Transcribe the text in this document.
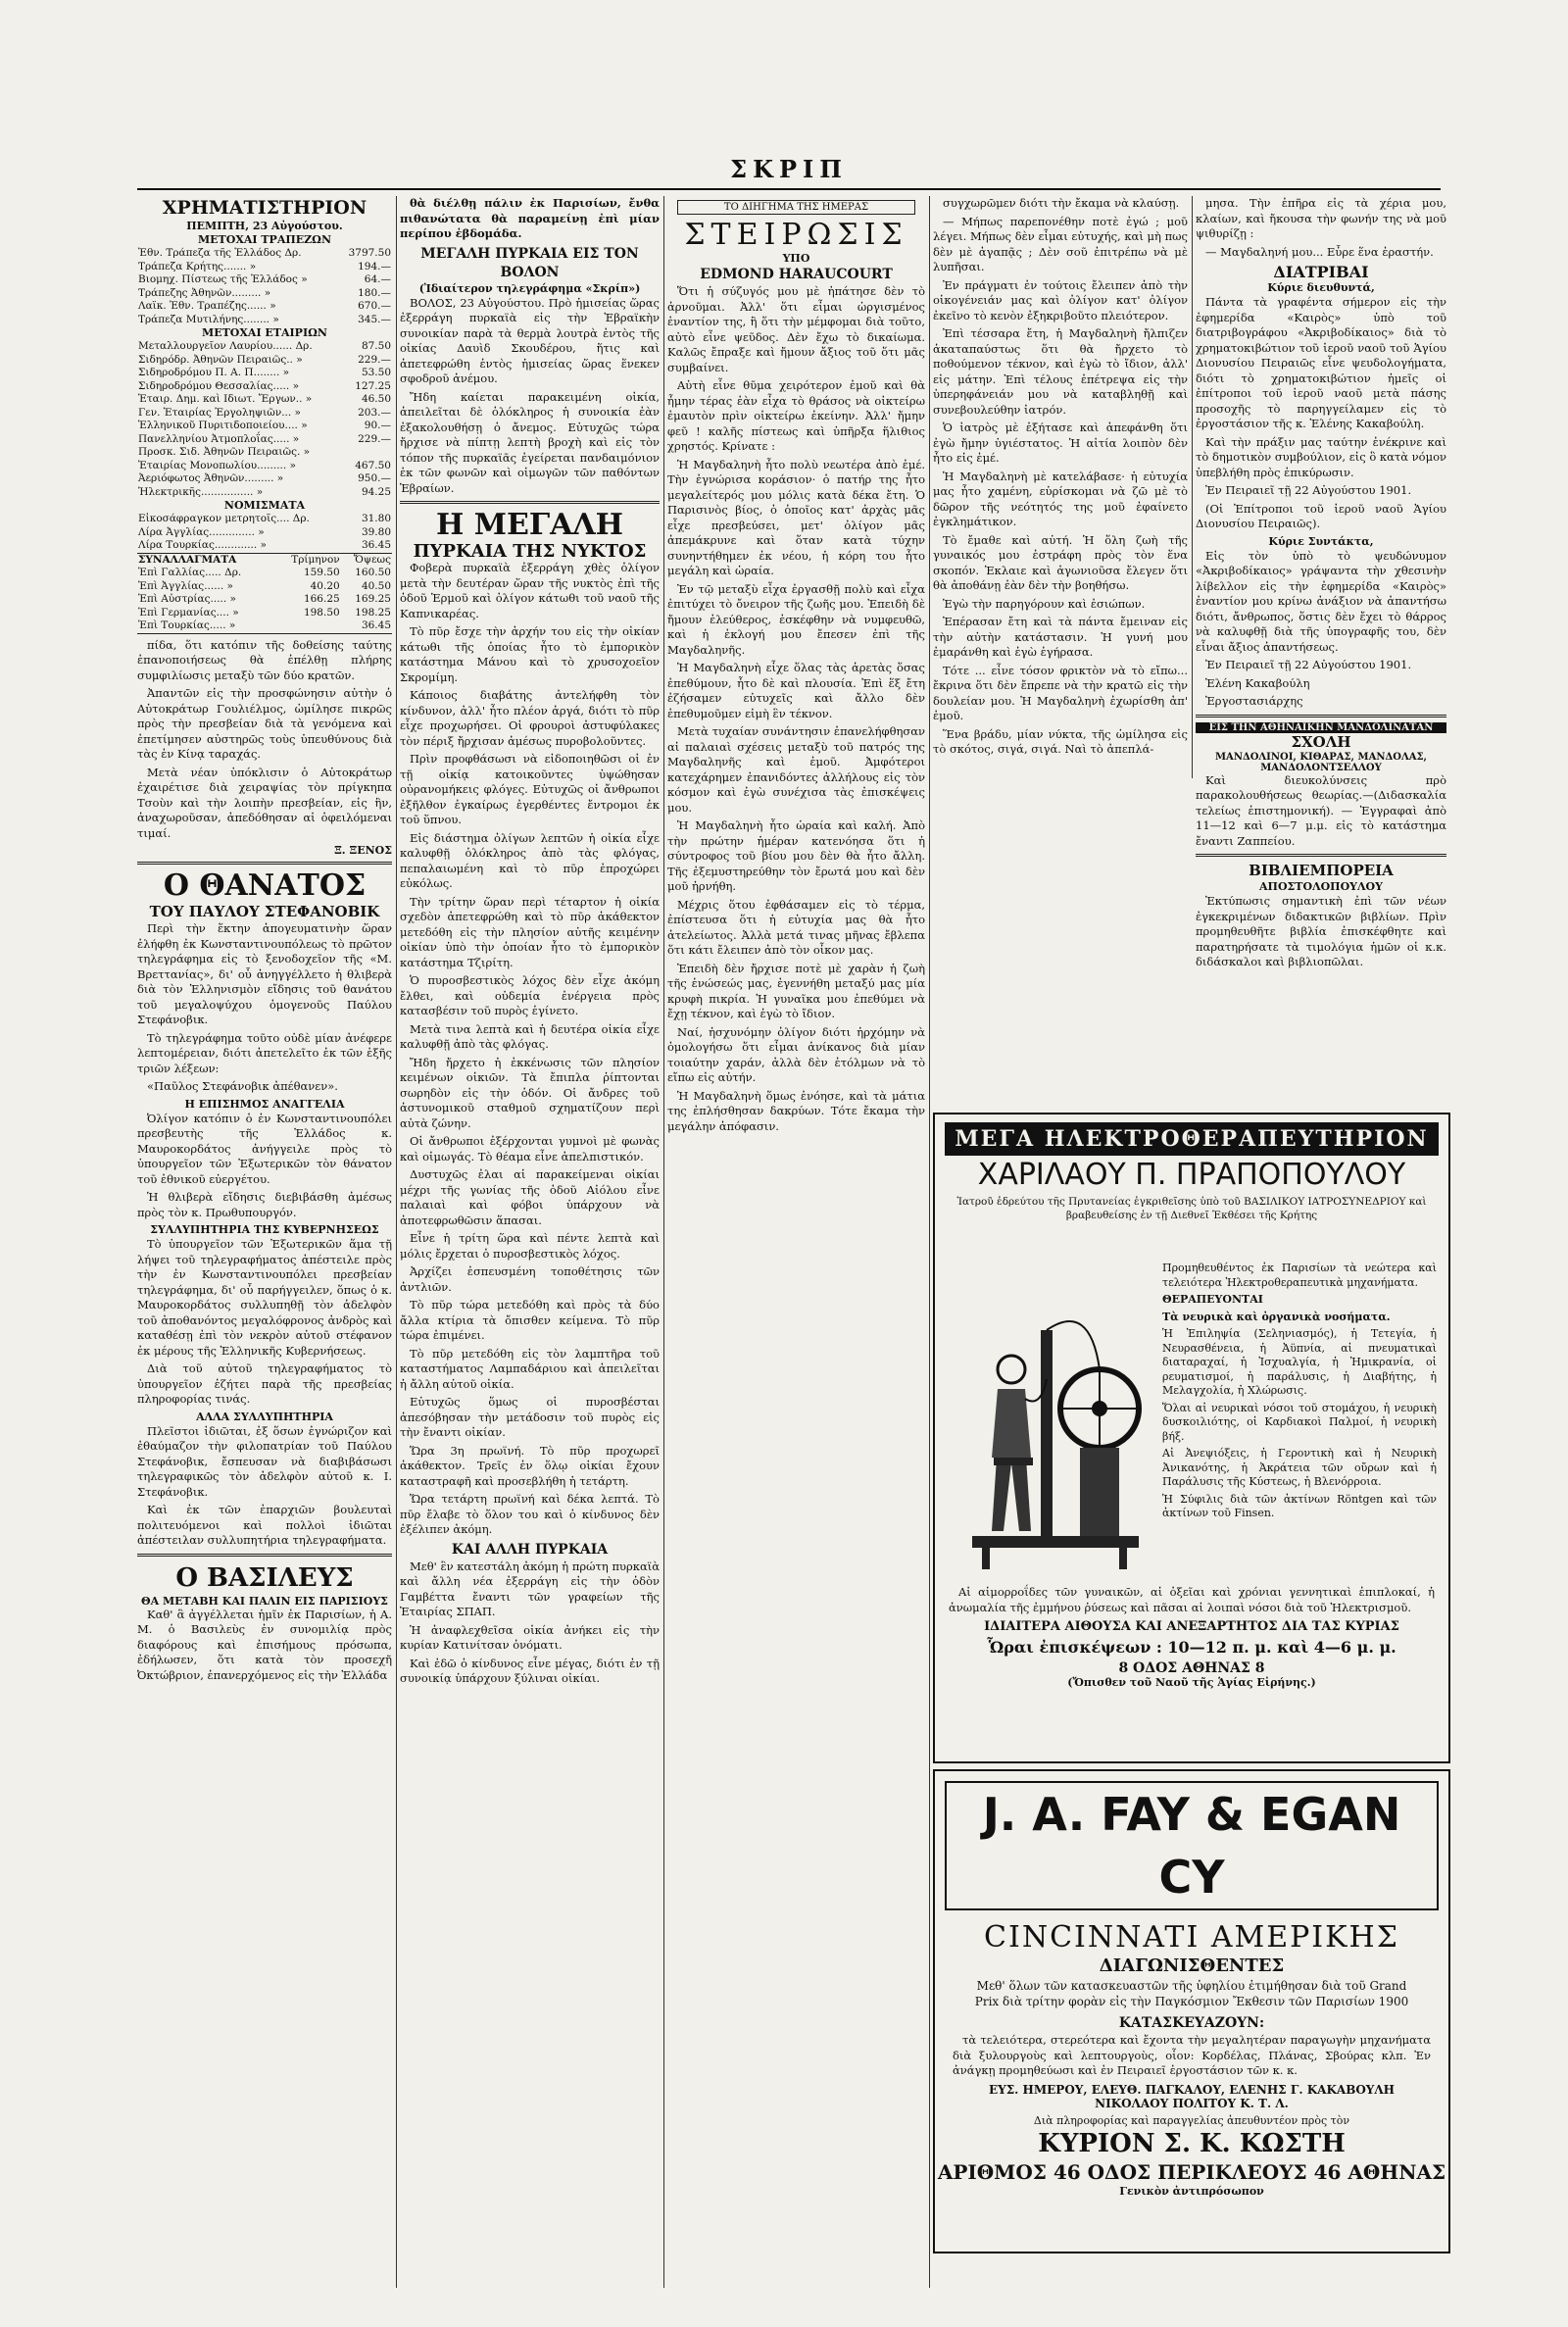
ΣΚΡΙΠ
ΧΡΗΜΑΤΙΣΤΗΡΙΟΝ
ΠΕΜΠΤΗ, 23 Αὐγούστου.
ΜΕΤΟΧΑΙ ΤΡΑΠΕΖΩΝ
Ἐθν. Τράπεζα τῆς Ἑλλάδος Δρ.	3797.50
Τράπεζα Κρήτης....... »	194.—
Βιομηχ. Πίστεως τῆς Ἑλλάδος »	64.—
Τράπεζης Ἀθηνῶν......... »	180.—
Λαϊκ. Ἐθν. Τραπέζης...... »	670.—
Τράπεζα Μυτιλήνης........ »	345.—
ΜΕΤΟΧΑΙ ΕΤΑΙΡΙΩΝ
Μεταλλουργεῖον Λαυρίου...... Δρ.	87.50
Σιδηρόδρ. Ἀθηνῶν Πειραιῶς.. »	229.—
Σιδηροδρόμου Π. Α. Π........ »	53.50
Σιδηροδρόμου Θεσσαλίας..... »	127.25
Ἑταιρ. Δημ. καὶ Ιδιωτ. Ἔργων.. »	46.50
Γεν. Ἑταιρίας Ἐργοληψιῶν... »	203.—
Ἑλληνικοῦ Πυριτιδοποιείου.... »	90.—
Πανελληνίου Ἀτμοπλοΐας..... »	229.—
Προσκ. Σιδ. Ἀθηνῶν Πειραιῶς. »	
Ἑταιρίας Μονοπωλίου......... »	467.50
Ἀεριόφωτος Ἀθηνῶν......... »	950.—
Ἠλεκτρικῆς................ »	94.25
ΝΟΜΙΣΜΑΤΑ
Εἰκοσάφραγκον μετρητοῖς.... Δρ.	31.80
Λίρα Ἀγγλίας.............. »	39.80
Λίρα Τουρκίας............. »	36.45
ΣΥΝΑΛΛΑΓΜΑΤΑ	Τρίμηνον	Ὄψεως
Ἐπὶ Γαλλίας..... Δρ.	159.50	160.50
Ἐπὶ Ἀγγλίας...... »	40.20	40.50
Ἐπὶ Αὐστρίας..... »	166.25	169.25
Ἐπὶ Γερμανίας.... »	198.50	198.25
Ἐπὶ Τουρκίας..... »		36.45

πίδα, ὅτι κατόπιν τῆς δοθείσης ταύτης ἐπανοποιήσεως θὰ ἐπέλθῃ πλήρης συμφιλίωσις μεταξὺ τῶν δύο κρατῶν.

Ἀπαντῶν εἰς τὴν προσφώνησιν αὐτὴν ὁ Αὐτοκράτωρ Γουλιέλμος, ὡμίλησε πικρῶς πρὸς τὴν πρεσβείαν διὰ τὰ γενόμενα καὶ ἐπετίμησεν αὐστηρῶς τοὺς ὑπευθύνους διὰ τὰς ἐν Κίνᾳ ταραχάς.

Μετὰ νέαν ὑπόκλισιν ὁ Αὐτοκράτωρ ἐχαιρέτισε διὰ χειραψίας τὸν πρίγκηπα Τσοὺν καὶ τὴν λοιπὴν πρεσβείαν, εἰς ἣν, ἀναχωροῦσαν, ἀπεδόθησαν αἱ ὀφειλόμεναι τιμαί.

Ξ. ΞΕΝΟΣ
Ο ΘΑΝΑΤΟΣ
ΤΟΥ ΠΑΥΛΟΥ ΣΤΕΦΑΝΟΒΙΚ

Περὶ τὴν ἕκτην ἀπογευματινὴν ὥραν ἐλήφθη ἐκ Κωνσταντινουπόλεως τὸ πρῶτον τηλεγράφημα εἰς τὸ ξενοδοχεῖον τῆς «Μ. Βρεττανίας», δι' οὗ ἀνηγγέλλετο ἡ θλιβερὰ διὰ τὸν Ἑλληνισμὸν εἴδησις τοῦ θανάτου τοῦ μεγαλοψύχου ὁμογενοῦς Παύλου Στεφάνοβικ.

Τὸ τηλεγράφημα τοῦτο οὐδὲ μίαν ἀνέφερε λεπτομέρειαν, διότι ἀπετελεῖτο ἐκ τῶν ἑξῆς τριῶν λέξεων:

«Παῦλος Στεφάνοβικ ἀπέθανεν».

Η ΕΠΙΣΗΜΟΣ ΑΝΑΓΓΕΛΙΑ

Ὀλίγον κατόπιν ὁ ἐν Κωνσταντινουπόλει πρεσβευτὴς τῆς Ἑλλάδος κ. Μαυροκορδάτος ἀνήγγειλε πρὸς τὸ ὑπουργεῖον τῶν Ἐξωτερικῶν τὸν θάνατον τοῦ ἐθνικοῦ εὐεργέτου.

Ἡ θλιβερὰ εἴδησις διεβιβάσθη ἀμέσως πρὸς τὸν κ. Πρωθυπουργόν.

ΣΥΛΛΥΠΗΤΗΡΙΑ ΤΗΣ ΚΥΒΕΡΝΗΣΕΩΣ

Τὸ ὑπουργεῖον τῶν Ἐξωτερικῶν ἅμα τῇ λήψει τοῦ τηλεγραφήματος ἀπέστειλε πρὸς τὴν ἐν Κωνσταντινουπόλει πρεσβείαν τηλεγράφημα, δι' οὗ παρήγγειλεν, ὅπως ὁ κ. Μαυροκορδάτος συλλυπηθῇ τὸν ἀδελφὸν τοῦ ἀποθανόντος μεγαλόφρονος ἀνδρὸς καὶ καταθέσῃ ἐπὶ τὸν νεκρὸν αὐτοῦ στέφανον ἐκ μέρους τῆς Ἑλληνικῆς Κυβερνήσεως.

Διὰ τοῦ αὐτοῦ τηλεγραφήματος τὸ ὑπουργεῖον ἐζήτει παρὰ τῆς πρεσβείας πληροφορίας τινάς.

ΑΛΛΑ ΣΥΛΛΥΠΗΤΗΡΙΑ

Πλεῖστοι ἰδιῶται, ἐξ ὅσων ἐγνώριζον καὶ ἐθαύμαζον τὴν φιλοπατρίαν τοῦ Παύλου Στεφάνοβικ, ἔσπευσαν νὰ διαβιβάσωσι τηλεγραφικῶς τὸν ἀδελφὸν αὐτοῦ κ. Ι. Στεφάνοβικ.

Καὶ ἐκ τῶν ἐπαρχιῶν βουλευταὶ πολιτευόμενοι καὶ πολλοὶ ἰδιῶται ἀπέστειλαν συλλυπητήρια τηλεγραφήματα.

Ο ΒΑΣΙΛΕΥΣ
ΘΑ ΜΕΤΑΒΗ ΚΑΙ ΠΑΛΙΝ ΕΙΣ ΠΑΡΙΣΙΟΥΣ

Καθ' ἃ ἀγγέλλεται ἡμῖν ἐκ Παρισίων, ἡ Α. Μ. ὁ Βασιλεὺς ἐν συνομιλίᾳ πρὸς διαφόρους καὶ ἐπισήμους πρόσωπα, ἐδήλωσεν, ὅτι κατὰ τὸν προσεχῆ Ὀκτώβριον, ἐπανερχόμενος εἰς τὴν Ἑλλάδα

θὰ διέλθῃ πάλιν ἐκ Παρισίων, ἔνθα πιθανώτατα θὰ παραμείνῃ ἐπὶ μίαν περίπου ἑβδομάδα.

ΜΕΓΑΛΗ ΠΥΡΚΑΙΑ ΕΙΣ ΤΟΝ ΒΟΛΟΝ
(Ἰδιαίτερον τηλεγράφημα «Σκρίπ»)

ΒΟΛΟΣ, 23 Αὐγούστου. Πρὸ ἡμισείας ὥρας ἐξερράγη πυρκαϊὰ εἰς τὴν Ἑβραϊκὴν συνοικίαν παρὰ τὰ θερμὰ λουτρὰ ἐντὸς τῆς οἰκίας Δαυὶδ Σκουδέρου, ἥτις καὶ ἀπετεφρώθη ἐντὸς ἡμισείας ὥρας ἕνεκεν σφοδροῦ ἀνέμου.

Ἤδη καίεται παρακειμένη οἰκία, ἀπειλεῖται δὲ ὁλόκληρος ἡ συνοικία ἐὰν ἐξακολουθήσῃ ὁ ἄνεμος. Εὐτυχῶς τώρα ἤρχισε νὰ πίπτῃ λεπτὴ βροχὴ καὶ εἰς τὸν τόπον τῆς πυρκαϊᾶς ἐγείρεται πανδαιμόνιον ἐκ τῶν φωνῶν καὶ οἰμωγῶν τῶν παθόντων Ἑβραίων.

Η ΜΕΓΑΛΗ
ΠΥΡΚΑΙΑ ΤΗΣ ΝΥΚΤΟΣ

Φοβερὰ πυρκαϊὰ ἐξερράγη χθὲς ὀλίγον μετὰ τὴν δευτέραν ὥραν τῆς νυκτὸς ἐπὶ τῆς ὁδοῦ Ἑρμοῦ καὶ ὀλίγον κάτωθι τοῦ ναοῦ τῆς Καπνικαρέας.

Τὸ πῦρ ἔσχε τὴν ἀρχήν του εἰς τὴν οἰκίαν κάτωθι τῆς ὁποίας ἦτο τὸ ἐμπορικὸν κατάστημα Μάνου καὶ τὸ χρυσοχοεῖον Σκρομίμη.

Κάποιος διαβάτης ἀντελήφθη τὸν κίνδυνον, ἀλλ' ἦτο πλέον ἀργά, διότι τὸ πῦρ εἶχε προχωρήσει. Οἱ φρουροὶ ἀστυφύλακες τὸν πέριξ ἤρχισαν ἀμέσως πυροβολοῦντες.

Πρὶν προφθάσωσι νὰ εἰδοποιηθῶσι οἱ ἐν τῇ οἰκίᾳ κατοικοῦντες ὑψώθησαν οὐρανομήκεις φλόγες. Εὐτυχῶς οἱ ἄνθρωποι ἐξῆλθον ἐγκαίρως ἐγερθέντες ἔντρομοι ἐκ τοῦ ὕπνου.

Εἰς διάστημα ὀλίγων λεπτῶν ἡ οἰκία εἶχε καλυφθῇ ὁλόκληρος ἀπὸ τὰς φλόγας, πεπαλαιωμένη καὶ τὸ πῦρ ἐπροχώρει εὐκόλως.

Τὴν τρίτην ὥραν περὶ τέταρτον ἡ οἰκία σχεδὸν ἀπετεφρώθη καὶ τὸ πῦρ ἀκάθεκτον μετεδόθη εἰς τὴν πλησίον αὐτῆς κειμένην οἰκίαν ὑπὸ τὴν ὁποίαν ἦτο τὸ ἐμπορικὸν κατάστημα Τζιρίτη.

Ὁ πυροσβεστικὸς λόχος δὲν εἶχε ἀκόμη ἔλθει, καὶ οὐδεμία ἐνέργεια πρὸς κατασβέσιν τοῦ πυρὸς ἐγίνετο.

Μετὰ τινα λεπτὰ καὶ ἡ δευτέρα οἰκία εἶχε καλυφθῇ ἀπὸ τὰς φλόγας.

Ἤδη ἤρχετο ἡ ἐκκένωσις τῶν πλησίον κειμένων οἰκιῶν. Τὰ ἔπιπλα ῥίπτονται σωρηδὸν εἰς τὴν ὁδόν. Οἱ ἄνδρες τοῦ ἀστυνομικοῦ σταθμοῦ σχηματίζουν περὶ αὐτὰ ζώνην.

Οἱ ἄνθρωποι ἐξέρχονται γυμνοὶ μὲ φωνὰς καὶ οἰμωγάς. Τὸ θέαμα εἶνε ἀπελπιστικόν.

Δυστυχῶς ἐλαι αἱ παρακείμεναι οἰκίαι μέχρι τῆς γωνίας τῆς ὁδοῦ Αἰόλου εἶνε παλαιαὶ καὶ φόβοι ὑπάρχουν νὰ ἀποτεφρωθῶσιν ἅπασαι.

Εἶνε ἡ τρίτη ὥρα καὶ πέντε λεπτὰ καὶ μόλις ἔρχεται ὁ πυροσβεστικὸς λόχος.

Ἀρχίζει ἐσπευσμένη τοποθέτησις τῶν ἀντλιῶν.

Τὸ πῦρ τώρα μετεδόθη καὶ πρὸς τὰ δύο ἄλλα κτίρια τὰ ὄπισθεν κείμενα. Τὸ πῦρ τώρα ἐπιμένει.

Τὸ πῦρ μετεδόθη εἰς τὸν λαμπτῆρα τοῦ καταστήματος Λαμπαδάριου καὶ ἀπειλεῖται ἡ ἄλλη αὐτοῦ οἰκία.

Εὐτυχῶς ὅμως οἱ πυροσβέσται ἀπεσόβησαν τὴν μετάδοσιν τοῦ πυρὸς εἰς τὴν ἔναντι οἰκίαν.

Ὥρα 3η πρωϊνή. Τὸ πῦρ προχωρεῖ ἀκάθεκτον. Τρεῖς ἐν ὅλῳ οἰκίαι ἔχουν καταστραφῆ καὶ προσεβλήθη ἡ τετάρτη.

Ὥρα τετάρτη πρωϊνή καὶ δέκα λεπτά. Τὸ πῦρ ἔλαβε τὸ ὅλον του καὶ ὁ κίνδυνος δὲν ἐξέλιπεν ἀκόμη.

ΚΑΙ ΑΛΛΗ ΠΥΡΚΑΙΑ

Μεθ' ἓν κατεστάλη ἀκόμη ἡ πρώτη πυρκαϊὰ καὶ ἄλλη νέα ἐξερράγη εἰς τὴν ὁδὸν Γαμβέττα ἔναντι τῶν γραφείων τῆς Ἑταιρίας ΣΠΑΠ.

Ἡ ἀναφλεχθεῖσα οἰκία ἀνήκει εἰς τὴν κυρίαν Κατινίτσαν ὀνόματι.

Καὶ ἐδῶ ὁ κίνδυνος εἶνε μέγας, διότι ἐν τῇ συνοικίᾳ ὑπάρχουν ξύλιναι οἰκίαι.

ΤΟ ΔΙΗΓΗΜΑ ΤΗΣ ΗΜΕΡΑΣ
ΣΤΕΙΡΩΣΙΣ
ΥΠΟ
EDMOND HARAUCOURT

Ὅτι ἡ σύζυγός μου μὲ ἠπάτησε δὲν τὸ ἀρνοῦμαι. Ἀλλ' ὅτι εἶμαι ὠργισμένος ἐναντίον της, ἢ ὅτι τὴν μέμφομαι διὰ τοῦτο, αὐτὸ εἶνε ψεῦδος. Δὲν ἔχω τὸ δικαίωμα. Καλῶς ἔπραξε καὶ ἤμουν ἄξιος τοῦ ὅτι μᾶς συμβαίνει.

Αὐτὴ εἶνε θῦμα χειρότερον ἐμοῦ καὶ θὰ ἦμην τέρας ἐὰν εἶχα τὸ θράσος νὰ οἰκτείρω ἐμαυτὸν πρὶν οἰκτείρω ἐκείνην. Ἀλλ' ἤμην φεῦ ! καλῆς πίστεως καὶ ὑπῆρξα ἥλιθιος χρηστός. Κρίνατε :

Ἡ Μαγδαληνὴ ἦτο πολὺ νεωτέρα ἀπὸ ἐμέ. Τὴν ἐγνώρισα κοράσιον· ὁ πατήρ της ἦτο μεγαλείτερός μου μόλις κατὰ δέκα ἔτη. Ὁ Παρισινὸς βίος, ὁ ὁποῖος κατ' ἀρχὰς μᾶς εἶχε πρεσβεύσει, μετ' ὀλίγον μᾶς ἀπεμάκρυνε καὶ ὅταν κατὰ τύχην συνηντήθημεν ἐκ νέου, ἡ κόρη του ἦτο μεγάλη καὶ ὡραία.

Ἐν τῷ μεταξὺ εἶχα ἐργασθῇ πολὺ καὶ εἶχα ἐπιτύχει τὸ ὄνειρον τῆς ζωῆς μου. Ἐπειδὴ δὲ ἤμουν ἐλεύθερος, ἐσκέφθην νὰ νυμφευθῶ, καὶ ἡ ἐκλογή μου ἔπεσεν ἐπὶ τῆς Μαγδαληνῆς.

Ἡ Μαγδαληνὴ εἶχε ὅλας τὰς ἀρετὰς ὅσας ἐπεθύμουν, ἦτο δὲ καὶ πλουσία. Ἐπὶ ἕξ ἔτη ἐζήσαμεν εὐτυχεῖς καὶ ἄλλο δὲν ἐπεθυμοῦμεν εἰμὴ ἓν τέκνον.

Μετὰ τυχαίαν συνάντησιν ἐπανελήφθησαν αἱ παλαιαὶ σχέσεις μεταξὺ τοῦ πατρός της Μαγδαληνῆς καὶ ἐμοῦ. Ἀμφότεροι κατεχάρημεν ἐπανιδόντες ἀλλήλους εἰς τὸν κόσμον καὶ ἐγὼ συνέχισα τὰς ἐπισκέψεις μου.

Ἡ Μαγδαληνὴ ἦτο ὡραία καὶ καλή. Ἀπὸ τὴν πρώτην ἡμέραν κατενόησα ὅτι ἡ σύντροφος τοῦ βίου μου δὲν θὰ ἦτο ἄλλη. Τῆς ἐξεμυστηρεύθην τὸν ἔρωτά μου καὶ δὲν μοῦ ἠρνήθη.

Μέχρις ὅτου ἐφθάσαμεν εἰς τὸ τέρμα, ἐπίστευσα ὅτι ἡ εὐτυχία μας θὰ ἦτο ἀτελείωτος. Ἀλλὰ μετά τινας μῆνας ἔβλεπα ὅτι κάτι ἔλειπεν ἀπὸ τὸν οἶκον μας.

Ἐπειδὴ δὲν ἤρχισε ποτὲ μὲ χαρὰν ἡ ζωὴ τῆς ἐνώσεώς μας, ἐγεννήθη μεταξύ μας μία κρυφὴ πικρία. Ἡ γυναῖκα μου ἐπεθύμει νὰ ἔχῃ τέκνον, καὶ ἐγὼ τὸ ἴδιον.

Ναί, ἠσχυνόμην ὀλίγον διότι ἠρχόμην νὰ ὁμολογήσω ὅτι εἶμαι ἀνίκανος διὰ μίαν τοιαύτην χαράν, ἀλλὰ δὲν ἐτόλμων νὰ τὸ εἴπω εἰς αὐτήν.

Ἡ Μαγδαληνὴ ὅμως ἐνόησε, καὶ τὰ μάτια της ἐπλήσθησαν δακρύων. Τότε ἔκαμα τὴν μεγάλην ἀπόφασιν.

συγχωρῶμεν διότι τὴν ἔκαμα νὰ κλαύσῃ.

— Μήπως παρεπονέθην ποτὲ ἐγώ ; μοῦ λέγει. Μήπως δὲν εἶμαι εὐτυχής, καὶ μὴ πως δὲν μὲ ἀγαπᾷς ; Δὲν σοῦ ἐπιτρέπω νὰ μὲ λυπῆσαι.

Ἐν πράγματι ἐν τούτοις ἔλειπεν ἀπὸ τὴν οἰκογένειάν μας καὶ ὀλίγον κατ' ὀλίγον ἐκεῖνο τὸ κενὸν ἐξηκριβοῦτο πλειότερον.

Ἐπὶ τέσσαρα ἔτη, ἡ Μαγδαληνὴ ἤλπιζεν ἀκαταπαύστως ὅτι θὰ ἤρχετο τὸ ποθούμενον τέκνον, καὶ ἐγὼ τὸ ἴδιον, ἀλλ' εἰς μάτην. Ἐπὶ τέλους ἐπέτρεψα εἰς τὴν ὑπερηφάνειάν μου νὰ καταβληθῇ καὶ συνεβουλεύθην ἰατρόν.

Ὁ ἰατρὸς μὲ ἐξήτασε καὶ ἀπεφάνθη ὅτι ἐγὼ ἤμην ὑγιέστατος. Ἡ αἰτία λοιπὸν δὲν ἦτο εἰς ἐμέ.

Ἡ Μαγδαληνὴ μὲ κατελάβασε· ἡ εὐτυχία μας ἦτο χαμένη, εὑρίσκομαι νὰ ζῶ μὲ τὸ δῶρον τῆς νεότητός της μοῦ ἐφαίνετο ἐγκλημάτικον.

Τὸ ἔμαθε καὶ αὐτή. Ἡ ὅλη ζωὴ τῆς γυναικός μου ἐστράφη πρὸς τὸν ἕνα σκοπόν. Ἐκλαιε καὶ ἀγωνιοῦσα ἔλεγεν ὅτι θὰ ἀποθάνῃ ἐὰν δὲν τὴν βοηθήσω.

Ἐγὼ τὴν παρηγόρουν καὶ ἐσιώπων.

Ἐπέρασαν ἔτη καὶ τὰ πάντα ἔμειναν εἰς τὴν αὐτὴν κατάστασιν. Ἡ γυνή μου ἐμαράνθη καὶ ἐγὼ ἐγήρασα.

Τότε ... εἶνε τόσον φρικτὸν νὰ τὸ εἴπω... ἔκρινα ὅτι δὲν ἔπρεπε νὰ τὴν κρατῶ εἰς τὴν δουλείαν μου. Ἡ Μαγδαληνὴ ἐχωρίσθη ἀπ' ἐμοῦ.

Ἕνα βράδυ, μίαν νύκτα, τῆς ὡμίλησα εἰς τὸ σκότος, σιγά, σιγά. Ναὶ τὸ ἀπεπλά-

μησα. Τὴν ἐπῆρα εἰς τὰ χέρια μου, κλαίων, καὶ ἤκουσα τὴν φωνήν της νὰ μοῦ ψιθυρίζῃ :

— Μαγδαληνή μου... Εὗρε ἕνα ἐραστήν.

ΔΙΑΤΡΙΒΑΙ
Κύριε διευθυντά,

Πάντα τὰ γραφέντα σήμερον εἰς τὴν ἐφημερίδα «Καιρὸς» ὑπὸ τοῦ διατριβογράφου «Ἀκριβοδίκαιος» διὰ τὸ χρηματοκιβώτιον τοῦ ἱεροῦ ναοῦ τοῦ Ἁγίου Διονυσίου Πειραιῶς εἶνε ψευδολογήματα, διότι τὸ χρηματοκιβώτιον ἡμεῖς οἱ ἐπίτροποι τοῦ ἱεροῦ ναοῦ μετὰ πάσης προσοχῆς τὸ παρηγγείλαμεν εἰς τὸ ἐργοστάσιον τῆς κ. Ἐλένης Κακαβούλη.

Καὶ τὴν πράξιν μας ταύτην ἐνέκρινε καὶ τὸ δημοτικὸν συμβούλιον, εἰς ὃ κατὰ νόμον ὑπεβλήθη πρὸς ἐπικύρωσιν.

Ἐν Πειραιεῖ τῇ 22 Αὐγούστου 1901.

(Οἱ Ἐπίτροποι τοῦ ἱεροῦ ναοῦ Ἁγίου Διονυσίου Πειραιῶς).

Κύριε Συντάκτα,

Εἰς τὸν ὑπὸ τὸ ψευδώνυμον «Ἀκριβοδίκαιος» γράψαντα τὴν χθεσινὴν λίβελλον εἰς τὴν ἐφημερίδα «Καιρὸς» ἐναντίον μου κρίνω ἀνάξιον νὰ ἀπαντήσω διότι, ἄνθρωπος, ὅστις δὲν ἔχει τὸ θάρρος νὰ καλυφθῇ διὰ τῆς ὑπογραφῆς του, δὲν εἶναι ἄξιος ἀπαντήσεως.

Ἐν Πειραιεῖ τῇ 22 Αὐγούστου 1901.

Ἑλένη Κακαβούλη

Ἐργοστασιάρχης

ΕΙΣ ΤΗΝ ΑΘΗΝΑΪΚΗΝ ΜΑΝΔΟΛΙΝΑΤΑΝ
ΣΧΟΛΗ
ΜΑΝΔΟΛΙΝΟΙ, ΚΙΘΑΡΑΣ, ΜΑΝΔΟΛΑΣ, ΜΑΝΔΟΛΟΝΤΣΕΛΛΟΥ

Καὶ διευκολύνσεις πρὸ παρακολουθήσεως θεωρίας.—(Διδασκαλία τελείως ἐπιστημονική). — Ἐγγραφαὶ ἀπὸ 11—12 καὶ 6—7 μ.μ. εἰς τὸ κατάστημα ἔναντι Ζαππείου.

ΒΙΒΛΙΕΜΠΟΡΕΙΑ
ΑΠΟΣΤΟΛΟΠΟΥΛΟΥ

Ἐκτύπωσις σημαντικὴ ἐπὶ τῶν νέων ἐγκεκριμένων διδακτικῶν βιβλίων. Πρὶν προμηθευθῆτε βιβλία ἐπισκέφθητε καὶ παρατηρήσατε τὰ τιμολόγια ἡμῶν οἱ κ.κ. διδάσκαλοι καὶ βιβλιοπῶλαι.

ΜΕΓΑ ΗΛΕΚΤΡΟΘΕΡΑΠΕΥΤΗΡΙΟΝ
ΧΑΡΙΛΑΟΥ Π. ΠΡΑΠΟΠΟΥΛΟΥ
Ἰατροῦ ἐδρεύτου τῆς Πρυτανείας ἐγκριθεῖσης ὑπὸ τοῦ ΒΑΣΙΛΙΚΟΥ ΙΑΤΡΟΣΥΝΕΔΡΙΟΥ καὶ βραβευθείσης ἐν τῇ Διεθνεῖ Ἐκθέσει τῆς Κρήτης

Προμηθευθέντος ἐκ Παρισίων τὰ νεώτερα καὶ τελειότερα Ἠλεκτροθεραπευτικὰ μηχανήματα.

ΘΕΡΑΠΕΥΟΝΤΑΙ

Τὰ νευρικὰ καὶ ὀργανικὰ νοσήματα.

Ἡ Ἐπιληψία (Σεληνιασμός), ἡ Τετεγία, ἡ Νευρασθένεια, ἡ Ἀϋπνία, αἱ πνευματικαὶ διαταραχαί, ἡ Ἰσχυαλγία, ἡ Ἡμικρανία, οἱ ρευματισμοί, ἡ παράλυσις, ἡ Διαβήτης, ἡ Μελαγχολία, ἡ Χλώρωσις.

Ὅλαι αἱ νευρικαὶ νόσοι τοῦ στομάχου, ἡ νευρικὴ δυσκοιλιότης, οἱ Καρδιακοὶ Παλμοί, ἡ νευρικὴ βήξ.

Αἱ Ἀνεψιόξεις, ἡ Γεροντικὴ καὶ ἡ Νευρικὴ Ἀνικανότης, ἡ Ἀκράτεια τῶν οὔρων καὶ ἡ Παράλυσις τῆς Κύστεως, ἡ Βλενόρροια.

Ἡ Σύφιλις διὰ τῶν ἀκτίνων Röntgen καὶ τῶν ἀκτίνων τοῦ Finsen.

Αἱ αἱμορροΐδες τῶν γυναικῶν, αἱ ὀξεῖαι καὶ χρόνιαι γεννητικαὶ ἐπιπλοκαί, ἡ ἀνωμαλία τῆς ἐμμήνου ῥύσεως καὶ πᾶσαι αἱ λοιπαὶ νόσοι διὰ τοῦ Ἠλεκτρισμοῦ.

ΙΔΙΑΙΤΕΡΑ ΑΙΘΟΥΣΑ ΚΑΙ ΑΝΕΞΑΡΤΗΤΟΣ ΔΙΑ ΤΑΣ ΚΥΡΙΑΣ
Ὧραι ἐπισκέψεων : 10—12 π. μ. καὶ 4—6 μ. μ.
8 ΟΔΟΣ ΑΘΗΝΑΣ 8
(Ὄπισθεν τοῦ Ναοῦ τῆς Ἁγίας Εἰρήνης.)
J. A. FAY & EGAN CY
CINCINNATI ΑΜΕΡΙΚΗΣ
ΔΙΑΓΩΝΙΣΘΕΝΤΕΣ
Μεθ' ὅλων τῶν κατασκευαστῶν τῆς ὑφηλίου ἐτιμήθησαν διὰ τοῦ Grand Prix διὰ τρίτην φορὰν εἰς τὴν Παγκόσμιον Ἔκθεσιν τῶν Παρισίων 1900
ΚΑΤΑΣΚΕΥΑΖΟΥΝ:

τὰ τελειότερα, στερεότερα καὶ ἔχοντα τὴν μεγαλητέραν παραγωγὴν μηχανήματα διὰ ξυλουργοὺς καὶ λεπτουργοὺς, οἷον: Κορδέλας, Πλάνας, Σβούρας κλπ. Ἐν ἀνάγκῃ προμηθεύωσι καὶ ἐν Πειραιεῖ ἐργοστάσιον τῶν κ. κ.

ΕΥΣ. ΗΜΕΡΟΥ, ΕΛΕΥΘ. ΠΑΓΚΑΛΟΥ, ΕΛΕΝΗΣ Γ. ΚΑΚΑΒΟΥΛΗ ΝΙΚΟΛΑΟΥ ΠΟΛΙΤΟΥ Κ. Τ. Λ.
Διὰ πληροφορίας καὶ παραγγελίας ἀπευθυντέον πρὸς τὸν
ΚΥΡΙΟΝ Σ. Κ. ΚΩΣΤΗ
ΑΡΙΘΜΟΣ 46 ΟΔΟΣ ΠΕΡΙΚΛΕΟΥΣ 46 ΑΘΗΝΑΣ
Γενικὸν ἀντιπρόσωπον
